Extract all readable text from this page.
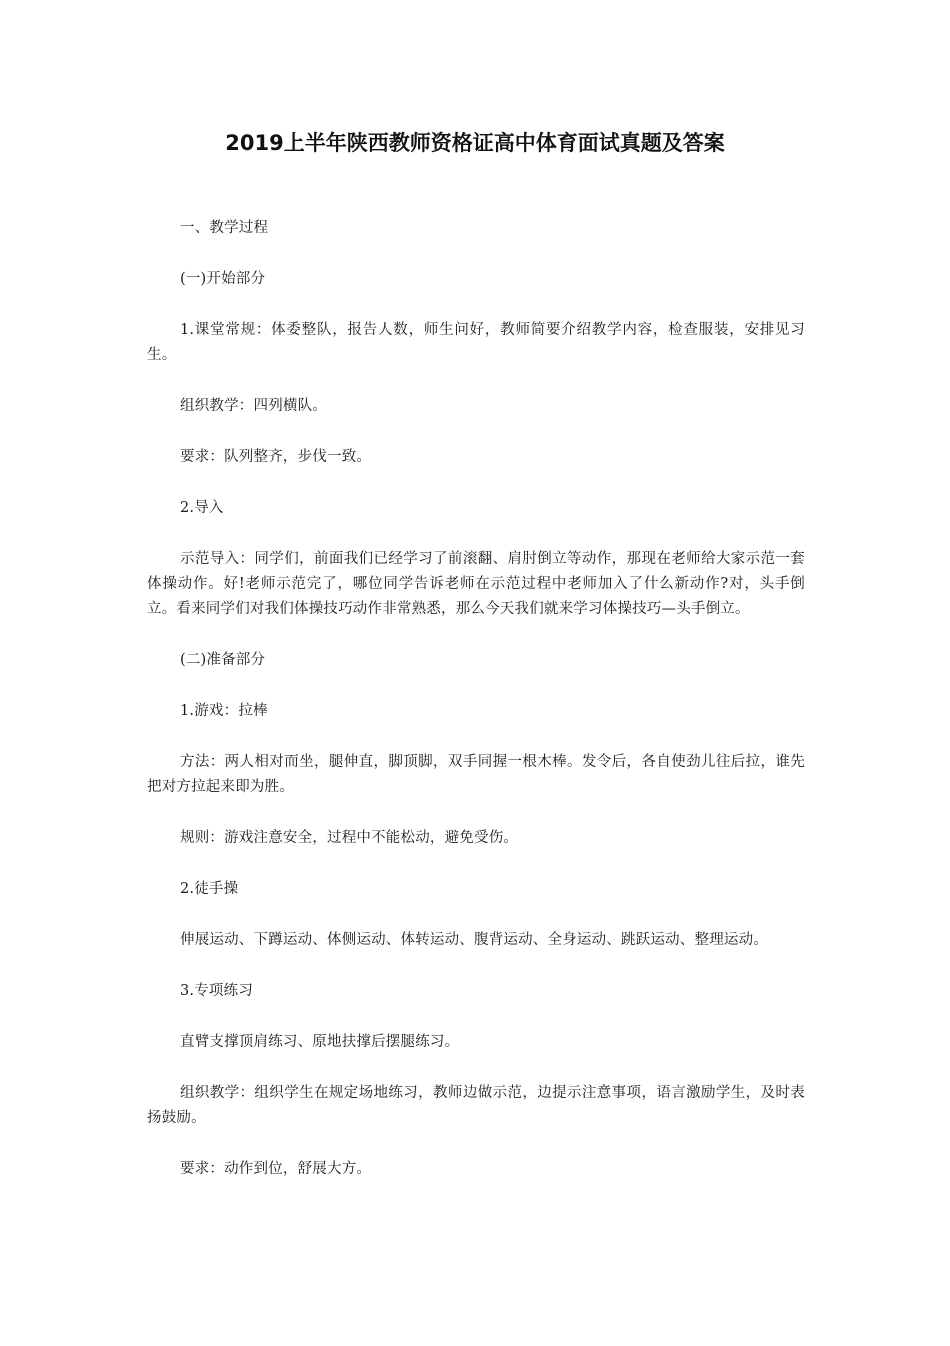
2019上半年陕西教师资格证高中体育面试真题及答案

一、教学过程

(一)开始部分

1.课堂常规：体委整队，报告人数，师生问好，教师简要介绍教学内容，检查服装，安排见习生。

组织教学：四列横队。

要求：队列整齐，步伐一致。

2.导入

示范导入：同学们，前面我们已经学习了前滚翻、肩肘倒立等动作，那现在老师给大家示范一套体操动作。好!老师示范完了，哪位同学告诉老师在示范过程中老师加入了什么新动作?对，头手倒立。看来同学们对我们体操技巧动作非常熟悉，那么今天我们就来学习体操技巧—头手倒立。

(二)准备部分

1.游戏：拉棒

方法：两人相对而坐，腿伸直，脚顶脚，双手同握一根木棒。发令后，各自使劲儿往后拉，谁先把对方拉起来即为胜。

规则：游戏注意安全，过程中不能松动，避免受伤。

2.徒手操

伸展运动、下蹲运动、体侧运动、体转运动、腹背运动、全身运动、跳跃运动、整理运动。

3.专项练习

直臂支撑顶肩练习、原地扶撑后摆腿练习。

组织教学：组织学生在规定场地练习，教师边做示范，边提示注意事项，语言激励学生，及时表扬鼓励。

要求：动作到位，舒展大方。
